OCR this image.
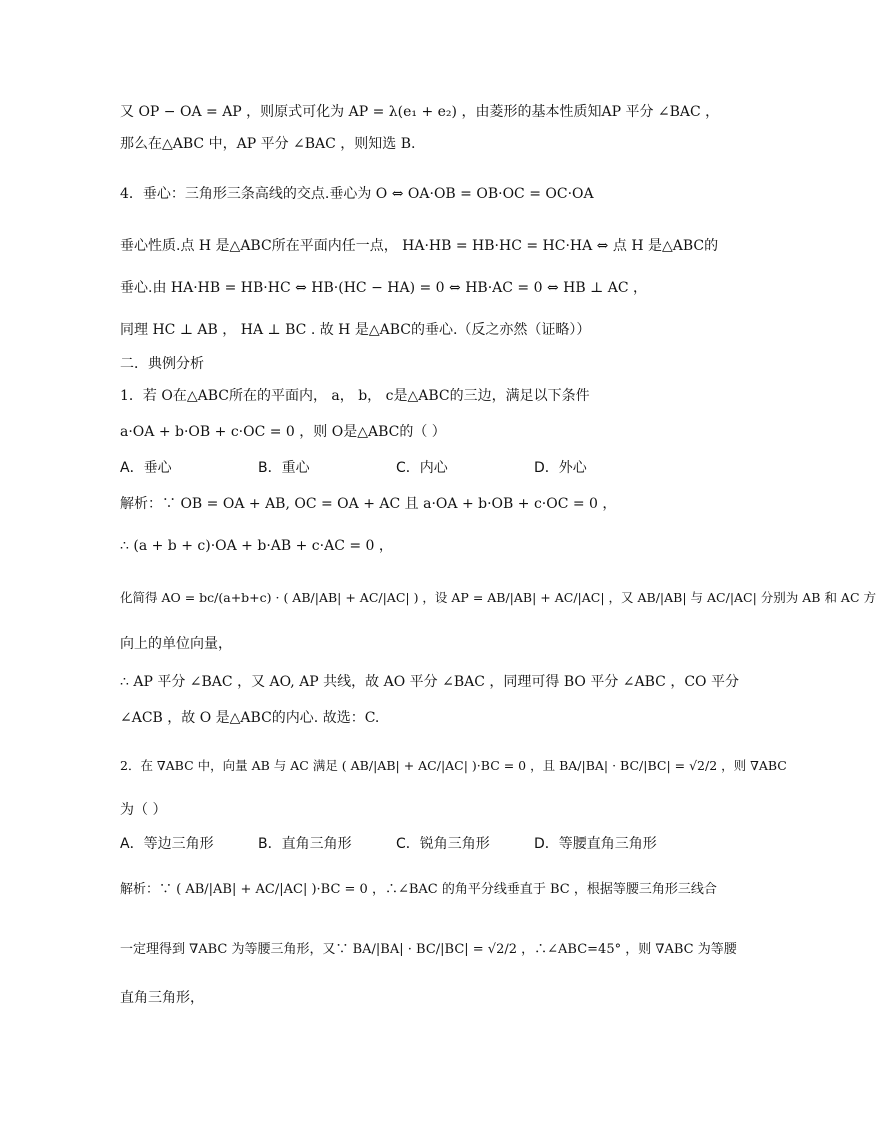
又 OP − OA = AP ，则原式可化为 AP = λ(e₁ + e₂) ，由菱形的基本性质知AP 平分 ∠BAC ，
那么在△ABC 中，AP 平分 ∠BAC ，则知选 B.
4．垂心：三角形三条高线的交点.垂心为 O ⇔ OA·OB = OB·OC = OC·OA
垂心性质.点 H 是△ABC所在平面内任一点， HA·HB = HB·HC = HC·HA ⇔ 点 H 是△ABC的
垂心.由 HA·HB = HB·HC ⇔ HB·(HC − HA) = 0 ⇔ HB·AC = 0 ⇔ HB ⊥ AC ，
同理 HC ⊥ AB ， HA ⊥ BC . 故 H 是△ABC的垂心.（反之亦然（证略））
二．典例分析
1．若 O在△ABC所在的平面内， a， b， c是△ABC的三边，满足以下条件
a·OA + b·OB + c·OC = 0 ，则 O是△ABC的（ ）
A．垂心	B．重心	C．内心	D．外心
解析：∵ OB = OA + AB, OC = OA + AC 且 a·OA + b·OB + c·OC = 0 ，
∴ (a + b + c)·OA + b·AB + c·AC = 0 ，
化简得 AO = bc/(a+b+c) · ( AB/|AB| + AC/|AC| ) ，设 AP = AB/|AB| + AC/|AC| ，又 AB/|AB| 与 AC/|AC| 分别为 AB 和 AC 方
向上的单位向量，
∴ AP 平分 ∠BAC ，又 AO, AP 共线，故 AO 平分 ∠BAC ，同理可得 BO 平分 ∠ABC ，CO 平分
∠ACB ，故 O 是△ABC的内心. 故选：C.
2．在 ∇ABC 中，向量 AB 与 AC 满足 ( AB/|AB| + AC/|AC| )·BC = 0 ，且 BA/|BA| · BC/|BC| = √2/2 ，则 ∇ABC
为（ ）
A．等边三角形	B．直角三角形	C．锐角三角形	D．等腰直角三角形
解析：∵ ( AB/|AB| + AC/|AC| )·BC = 0 ，∴∠BAC 的角平分线垂直于 BC ，根据等腰三角形三线合
一定理得到 ∇ABC 为等腰三角形，又∵ BA/|BA| · BC/|BC| = √2/2 ，∴∠ABC=45° ，则 ∇ABC 为等腰
直角三角形，
